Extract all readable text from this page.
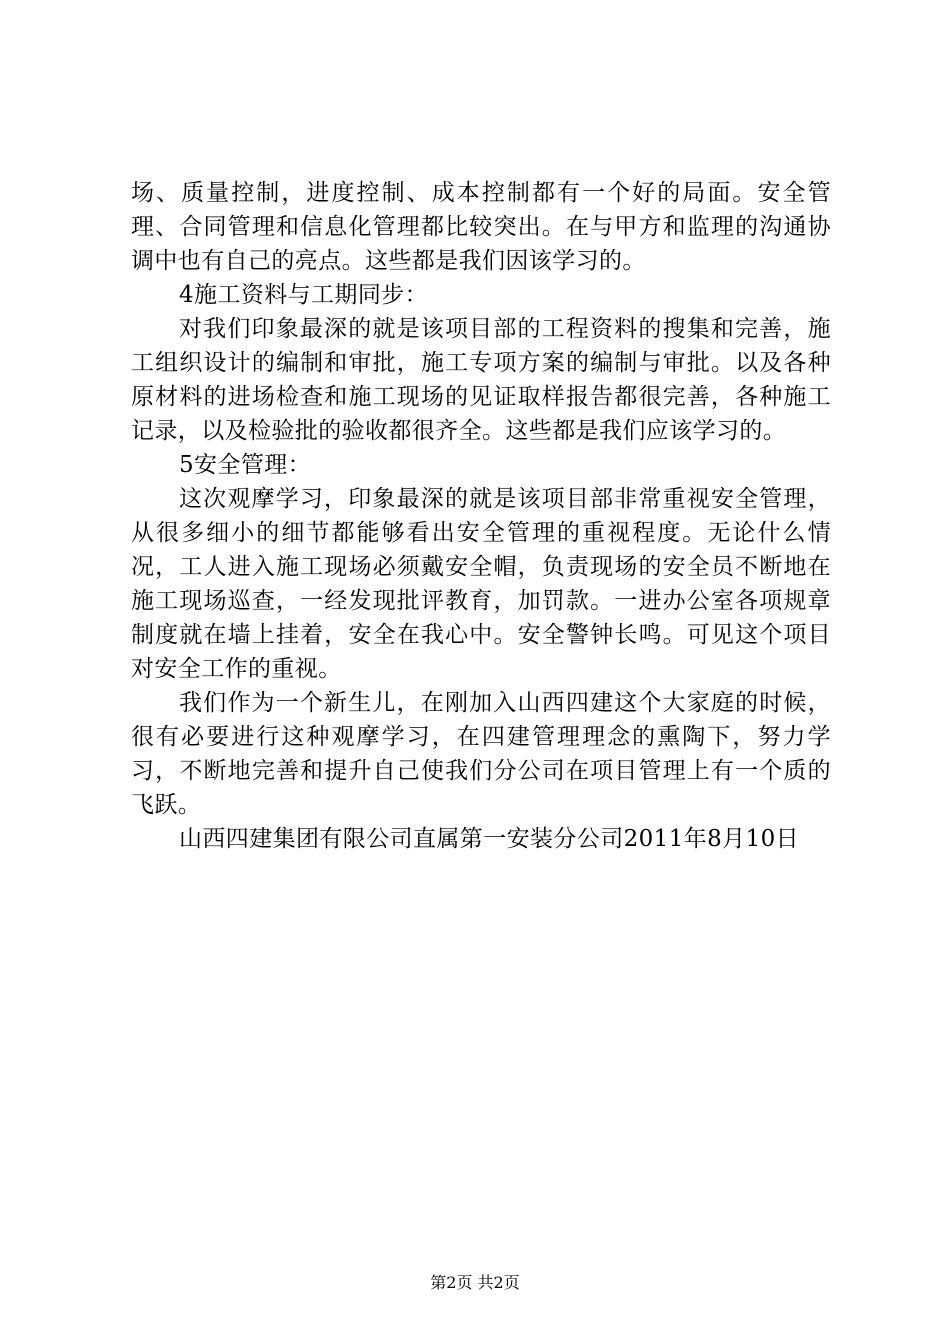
场、质量控制，进度控制、成本控制都有一个好的局面。安全管理、合同管理和信息化管理都比较突出。在与甲方和监理的沟通协调中也有自己的亮点。这些都是我们因该学习的。

4施工资料与工期同步：

对我们印象最深的就是该项目部的工程资料的搜集和完善，施工组织设计的编制和审批，施工专项方案的编制与审批。以及各种原材料的进场检查和施工现场的见证取样报告都很完善，各种施工记录，以及检验批的验收都很齐全。这些都是我们应该学习的。

5安全管理：

这次观摩学习，印象最深的就是该项目部非常重视安全管理，从很多细小的细节都能够看出安全管理的重视程度。无论什么情况，工人进入施工现场必须戴安全帽，负责现场的安全员不断地在施工现场巡查，一经发现批评教育，加罚款。一进办公室各项规章制度就在墙上挂着，安全在我心中。安全警钟长鸣。可见这个项目对安全工作的重视。

我们作为一个新生儿，在刚加入山西四建这个大家庭的时候，很有必要进行这种观摩学习，在四建管理理念的熏陶下，努力学习，不断地完善和提升自己使我们分公司在项目管理上有一个质的飞跃。

山西四建集团有限公司直属第一安装分公司2011年8月10日

第2页 共2页
